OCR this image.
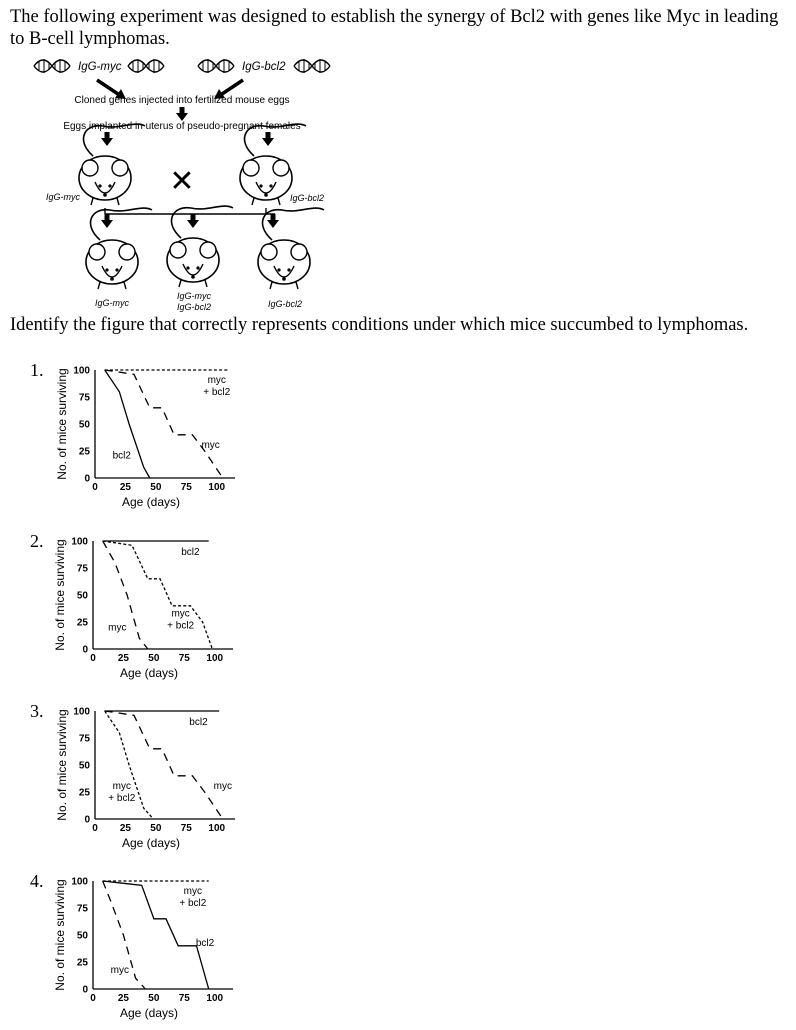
The following experiment was designed to establish the synergy of Bcl2 with genes like Myc in leading to B-cell lymphomas.
IgG-myc	IgG-bcl2
Cloned genes injected into fertilized mouse eggs
Eggs implanted in uterus of pseudo-pregnant females
IgG-myc	IgG-bcl2
✕
IgG-myc
IgG-myc
IgG-bcl2	IgG-bcl2
Identify the figure that correctly represents conditions under which mice succumbed to lymphomas.
1.
0
25
50
75
100
0 25 50 75 100
Age (days)
No. of mice surviving	myc
+ bcl2
myc
bcl2
2.
0
25
50
75
100
0 25 50 75 100
Age (days)
No. of mice surviving	bcl2
myc
+ bcl2
myc
3.
0
25
50
75
100
0 25 50 75 100
Age (days)
No. of mice surviving	bcl2
myc
myc
+ bcl2
4.
0
25
50
75
100
0 25 50 75 100
Age (days)
No. of mice surviving	myc
+ bcl2
bcl2
myc
